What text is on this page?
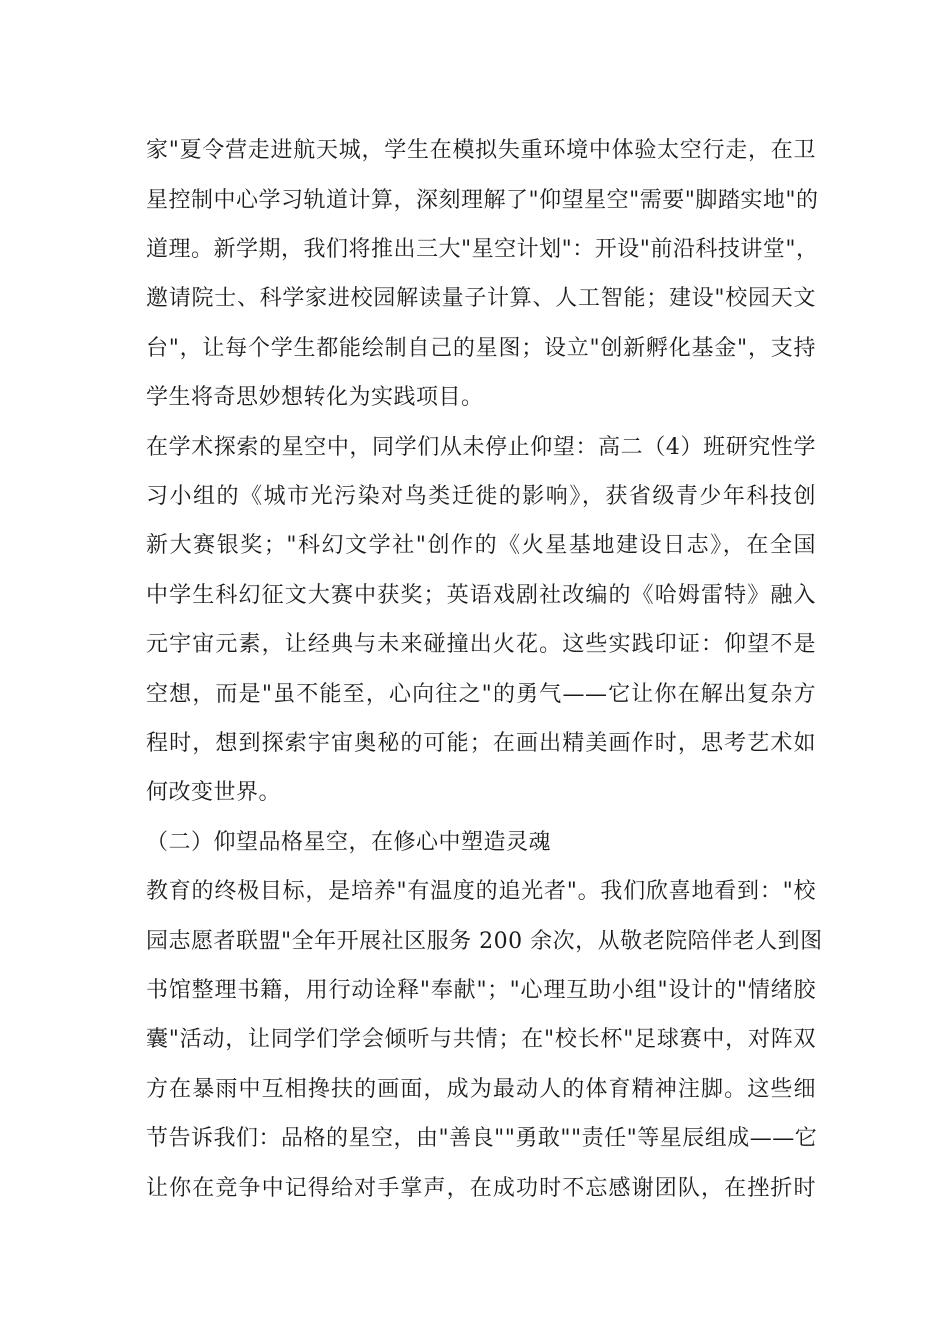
家"夏令营走进航天城，学生在模拟失重环境中体验太空行走，在卫
星控制中心学习轨道计算，深刻理解了"仰望星空"需要"脚踏实地"的
道理。新学期，我们将推出三大"星空计划"：开设"前沿科技讲堂"，
邀请院士、科学家进校园解读量子计算、人工智能；建设"校园天文
台"，让每个学生都能绘制自己的星图；设立"创新孵化基金"，支持
学生将奇思妙想转化为实践项目。
在学术探索的星空中，同学们从未停止仰望：高二（4）班研究性学
习小组的《城市光污染对鸟类迁徙的影响》，获省级青少年科技创
新大赛银奖；"科幻文学社"创作的《火星基地建设日志》，在全国
中学生科幻征文大赛中获奖；英语戏剧社改编的《哈姆雷特》融入
元宇宙元素，让经典与未来碰撞出火花。这些实践印证：仰望不是
空想，而是"虽不能至，心向往之"的勇气——它让你在解出复杂方
程时，想到探索宇宙奥秘的可能；在画出精美画作时，思考艺术如
何改变世界。
（二）仰望品格星空，在修心中塑造灵魂
教育的终极目标，是培养"有温度的追光者"。我们欣喜地看到："校
园志愿者联盟"全年开展社区服务 200 余次，从敬老院陪伴老人到图
书馆整理书籍，用行动诠释"奉献"；"心理互助小组"设计的"情绪胶
囊"活动，让同学们学会倾听与共情；在"校长杯"足球赛中，对阵双
方在暴雨中互相搀扶的画面，成为最动人的体育精神注脚。这些细
节告诉我们：品格的星空，由"善良""勇敢""责任"等星辰组成——它
让你在竞争中记得给对手掌声，在成功时不忘感谢团队，在挫折时
